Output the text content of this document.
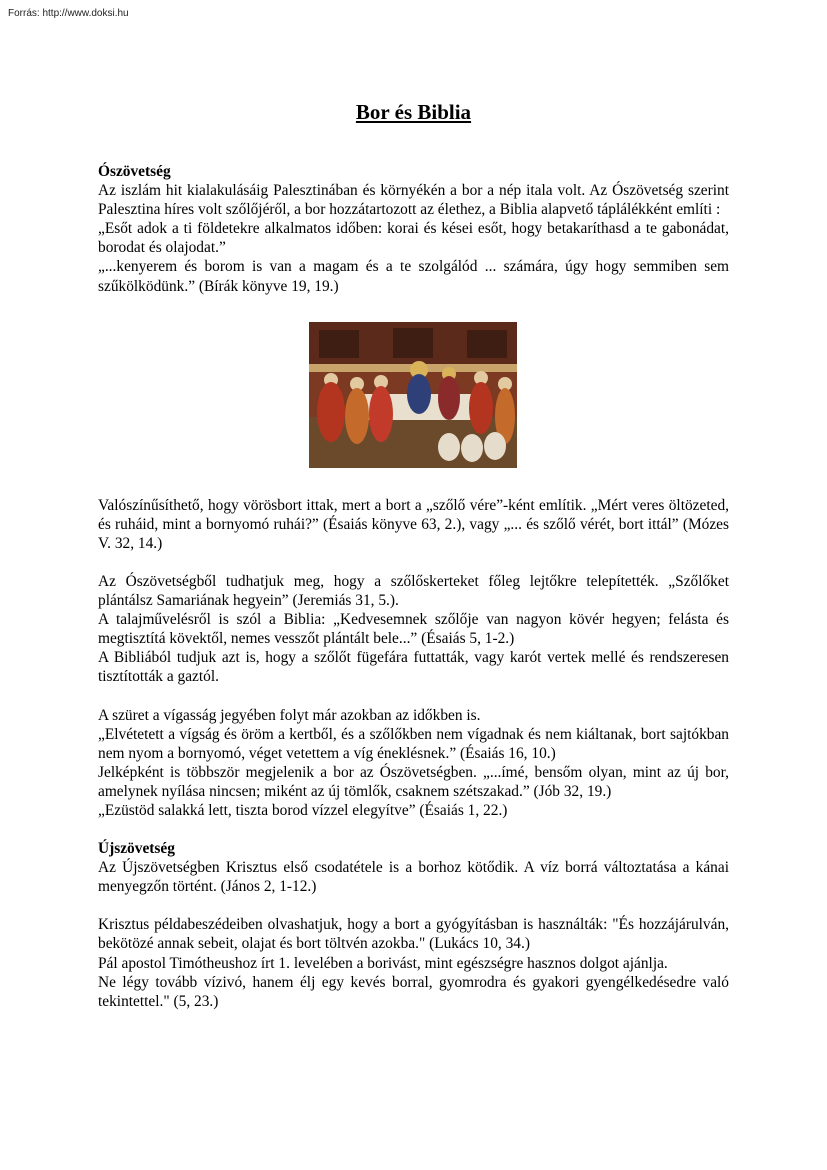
Forrás: http://www.doksi.hu
Bor és Biblia
Ószövetség

Az iszlám hit kialakulásáig Palesztinában és környékén a bor a nép itala volt. Az Ószövetség szerint Palesztina híres volt szőlőjéről, a bor hozzátartozott az élethez, a Biblia alapvető táplálékként említi :

„Esőt adok a ti földetekre alkalmatos időben: korai és kései esőt, hogy betakaríthasd a te gabonádat, borodat és olajodat.”

„...kenyerem és borom is van a magam és a te szolgálód ... számára, úgy hogy semmiben sem szűkölködünk.” (Bírák könyve 19, 19.)

Valószínűsíthető, hogy vörösbort ittak, mert a bort a „szőlő vére”-ként említik. „Mért veres öltözeted, és ruháid, mint a bornyomó ruhái?” (Ésaiás könyve 63, 2.), vagy „... és szőlő vérét, bort ittál” (Mózes V. 32, 14.)

Az Ószövetségből tudhatjuk meg, hogy a szőlőskerteket főleg lejtőkre telepítették. „Szőlőket plántálsz Samariának hegyein” (Jeremiás 31, 5.).

A talajművelésről is szól a Biblia: „Kedvesemnek szőlője van nagyon kövér hegyen; felásta és megtisztítá kövektől, nemes vesszőt plántált bele...” (Ésaiás 5, 1-2.)

A Bibliából tudjuk azt is, hogy a szőlőt fügefára futtatták, vagy karót vertek mellé és rendszeresen tisztították a gaztól.

A szüret a vígasság jegyében folyt már azokban az időkben is.

„Elvétetett a vígság és öröm a kertből, és a szőlőkben nem vígadnak és nem kiáltanak, bort sajtókban nem nyom a bornyomó, véget vetettem a víg éneklésnek.” (Ésaiás 16, 10.)

Jelképként is többször megjelenik a bor az Ószövetségben. „...ímé, bensőm olyan, mint az új bor, amelynek nyílása nincsen; miként az új tömlők, csaknem szétszakad.” (Jób 32, 19.)

„Ezüstöd salakká lett, tiszta borod vízzel elegyítve” (Ésaiás 1, 22.)

Újszövetség

Az Újszövetségben Krisztus első csodatétele is a borhoz kötődik. A víz borrá változtatása a kánai menyegzőn történt. (János 2, 1-12.)

Krisztus példabeszédeiben olvashatjuk, hogy a bort a gyógyításban is használták: "És hozzájárulván, bekötözé annak sebeit, olajat és bort töltvén azokba." (Lukács 10, 34.)

Pál apostol Timótheushoz írt 1. levelében a borivást, mint egészségre hasznos dolgot ajánlja.

Ne légy tovább vízivó, hanem élj egy kevés borral, gyomrodra és gyakori gyengélkedésedre való tekintettel." (5, 23.)
